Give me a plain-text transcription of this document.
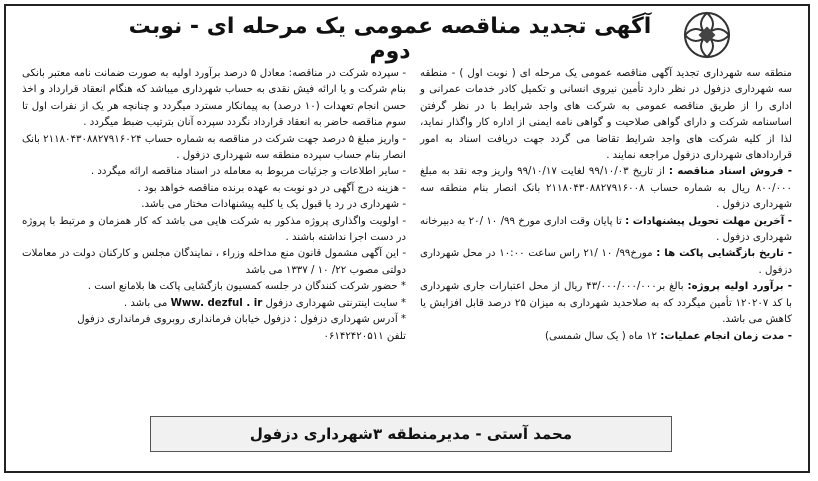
آگهی تجدید مناقصه عمومی یک مرحله ای - نوبت دوم

منطقه سه شهرداری تجدید آگهی مناقصه عمومی یک مرحله ای ( نوبت اول ) - منطقه سه شهرداری دزفول در نظر دارد تأمین نیروی انسانی و تکمیل کادر خدمات عمرانی و اداری را از طریق مناقصه عمومی به شرکت های واجد شرایط با در نظر گرفتن اساسنامه شرکت و دارای گواهی صلاحیت و گواهی نامه ایمنی از اداره کار واگذار نماید، لذا از کلیه شرکت های واجد شرایط تقاضا می گردد جهت دریافت اسناد به امور قراردادهای شهرداری دزفول مراجعه نمایند .

- فروش اسناد مناقصه : از تاریخ ۹۹/۱۰/۰۳ لغایت ۹۹/۱۰/۱۷ واریز وجه نقد به مبلغ ۸۰۰/۰۰۰ ریال به شماره حساب ۲۱۱۸۰۴۳۰۸۸۲۷۹۱۶۰۰۸ بانک انصار بنام منطقه سه شهرداری دزفول .

- آخرین مهلت تحویل پیشنهادات : تا پایان وقت اداری مورخ ۹۹/ ۱۰ /۲۰ به دبیرخانه شهرداری دزفول .

- تاریخ بازگشایی پاکت ها : مورخ۹۹/ ۱۰ /۲۱ راس ساعت ۱۰:۰۰ در محل شهرداری دزفول .

- برآورد اولیه پروژه: بالغ بر۴۳/۰۰۰/۰۰۰/۰۰۰ ریال از محل اعتبارات جاری شهرداری با کد ۱۲۰۲۰۷ تأمین میگردد که به صلاحدید شهرداری به میزان ۲۵ درصد قابل افزایش یا کاهش می باشد.

- مدت زمان انجام عملیات: ۱۲ ماه ( یک سال شمسی)

- سپرده شرکت در مناقصه: معادل ۵ درصد برآورد اولیه به صورت ضمانت نامه معتبر بانکی بنام شرکت و یا ارائه فیش نقدی به حساب شهرداری میباشد که هنگام انعقاد قرارداد و اخذ حسن انجام تعهدات (۱۰ درصد) به پیمانکار مسترد میگردد و چنانچه هر یک از نفرات اول تا سوم مناقصه حاضر به انعقاد قرارداد نگردد سپرده آنان بترتیب ضبط میگردد .

- واریز مبلغ ۵ درصد جهت شرکت در مناقصه به شماره حساب ۲۱۱۸۰۴۳۰۸۸۲۷۹۱۶۰۲۴ بانک انصار بنام حساب سپرده منطقه سه شهرداری دزفول .

- سایر اطلاعات و جزئیات مربوط به معامله در اسناد مناقصه ارائه میگردد .

- هزینه درج آگهی در دو نوبت به عهده برنده مناقصه خواهد بود .

- شهرداری در رد یا قبول یک یا کلیه پیشنهادات مختار می باشد.

- اولویت واگذاری پروژه مذکور به شرکت هایی می باشد که کار همزمان و مرتبط با پروژه در دست اجرا نداشته باشند .

- این آگهی مشمول قانون منع مداخله وزراء ، نمایندگان مجلس و کارکنان دولت در معاملات دولتی مصوب ۲۲/ ۱۰ / ۱۳۳۷ می باشد

* حضور شرکت کنندگان در جلسه کمسیون بازگشایی پاکت ها بلامانع است .

* سایت اینترنتی شهرداری دزفول Www. dezful . ir می باشد .

* آدرس شهرداری دزفول : دزفول خیابان فرمانداری روبروی فرمانداری دزفول

تلفن ۰۶۱۴۲۴۲۰۵۱۱

محمد آستی - مدیرمنطقه ۳شهرداری دزفول
